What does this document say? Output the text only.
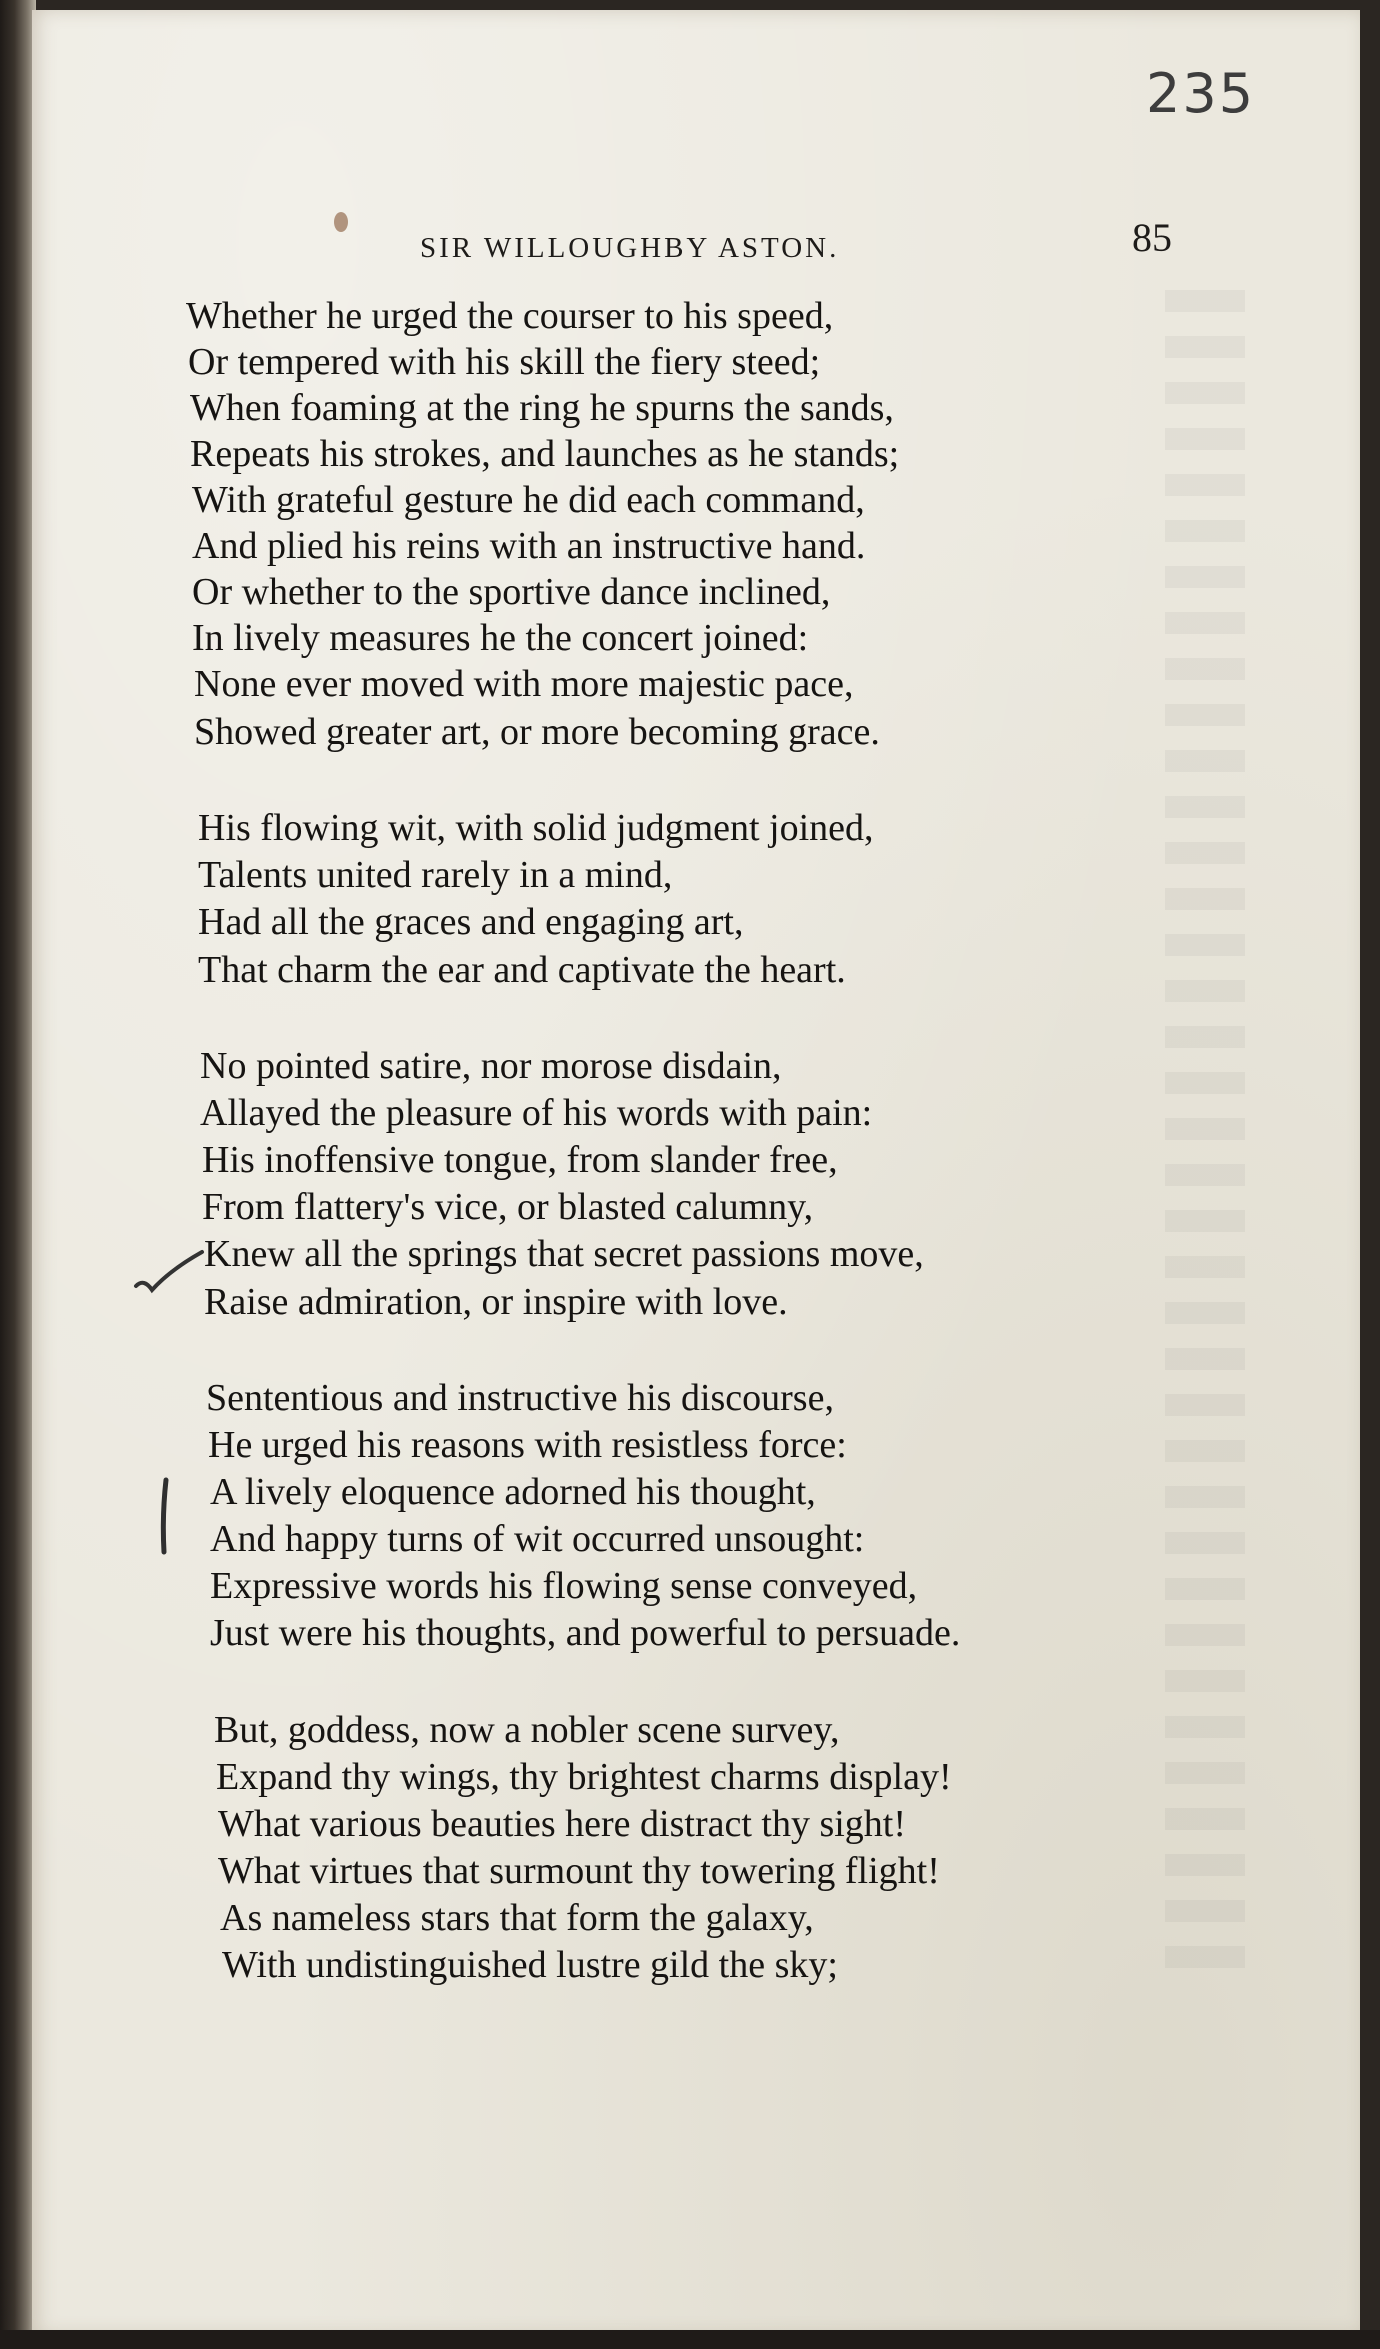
235
SIR WILLOUGHBY ASTON.	85
Whether he urged the courser to his speed,
Or tempered with his skill the fiery steed;
When foaming at the ring he spurns the sands,
Repeats his strokes, and launches as he stands;
With grateful gesture he did each command,
And plied his reins with an instructive hand.
Or whether to the sportive dance inclined,
In lively measures he the concert joined:
None ever moved with more majestic pace,
Showed greater art, or more becoming grace.
His flowing wit, with solid judgment joined,
Talents united rarely in a mind,
Had all the graces and engaging art,
That charm the ear and captivate the heart.
No pointed satire, nor morose disdain,
Allayed the pleasure of his words with pain:
His inoffensive tongue, from slander free,
From flattery's vice, or blasted calumny,
Knew all the springs that secret passions move,
Raise admiration, or inspire with love.
Sententious and instructive his discourse,
He urged his reasons with resistless force:
A lively eloquence adorned his thought,
And happy turns of wit occurred unsought:
Expressive words his flowing sense conveyed,
Just were his thoughts, and powerful to persuade.
But, goddess, now a nobler scene survey,
Expand thy wings, thy brightest charms display!
What various beauties here distract thy sight!
What virtues that surmount thy towering flight!
As nameless stars that form the galaxy,
With undistinguished lustre gild the sky;
